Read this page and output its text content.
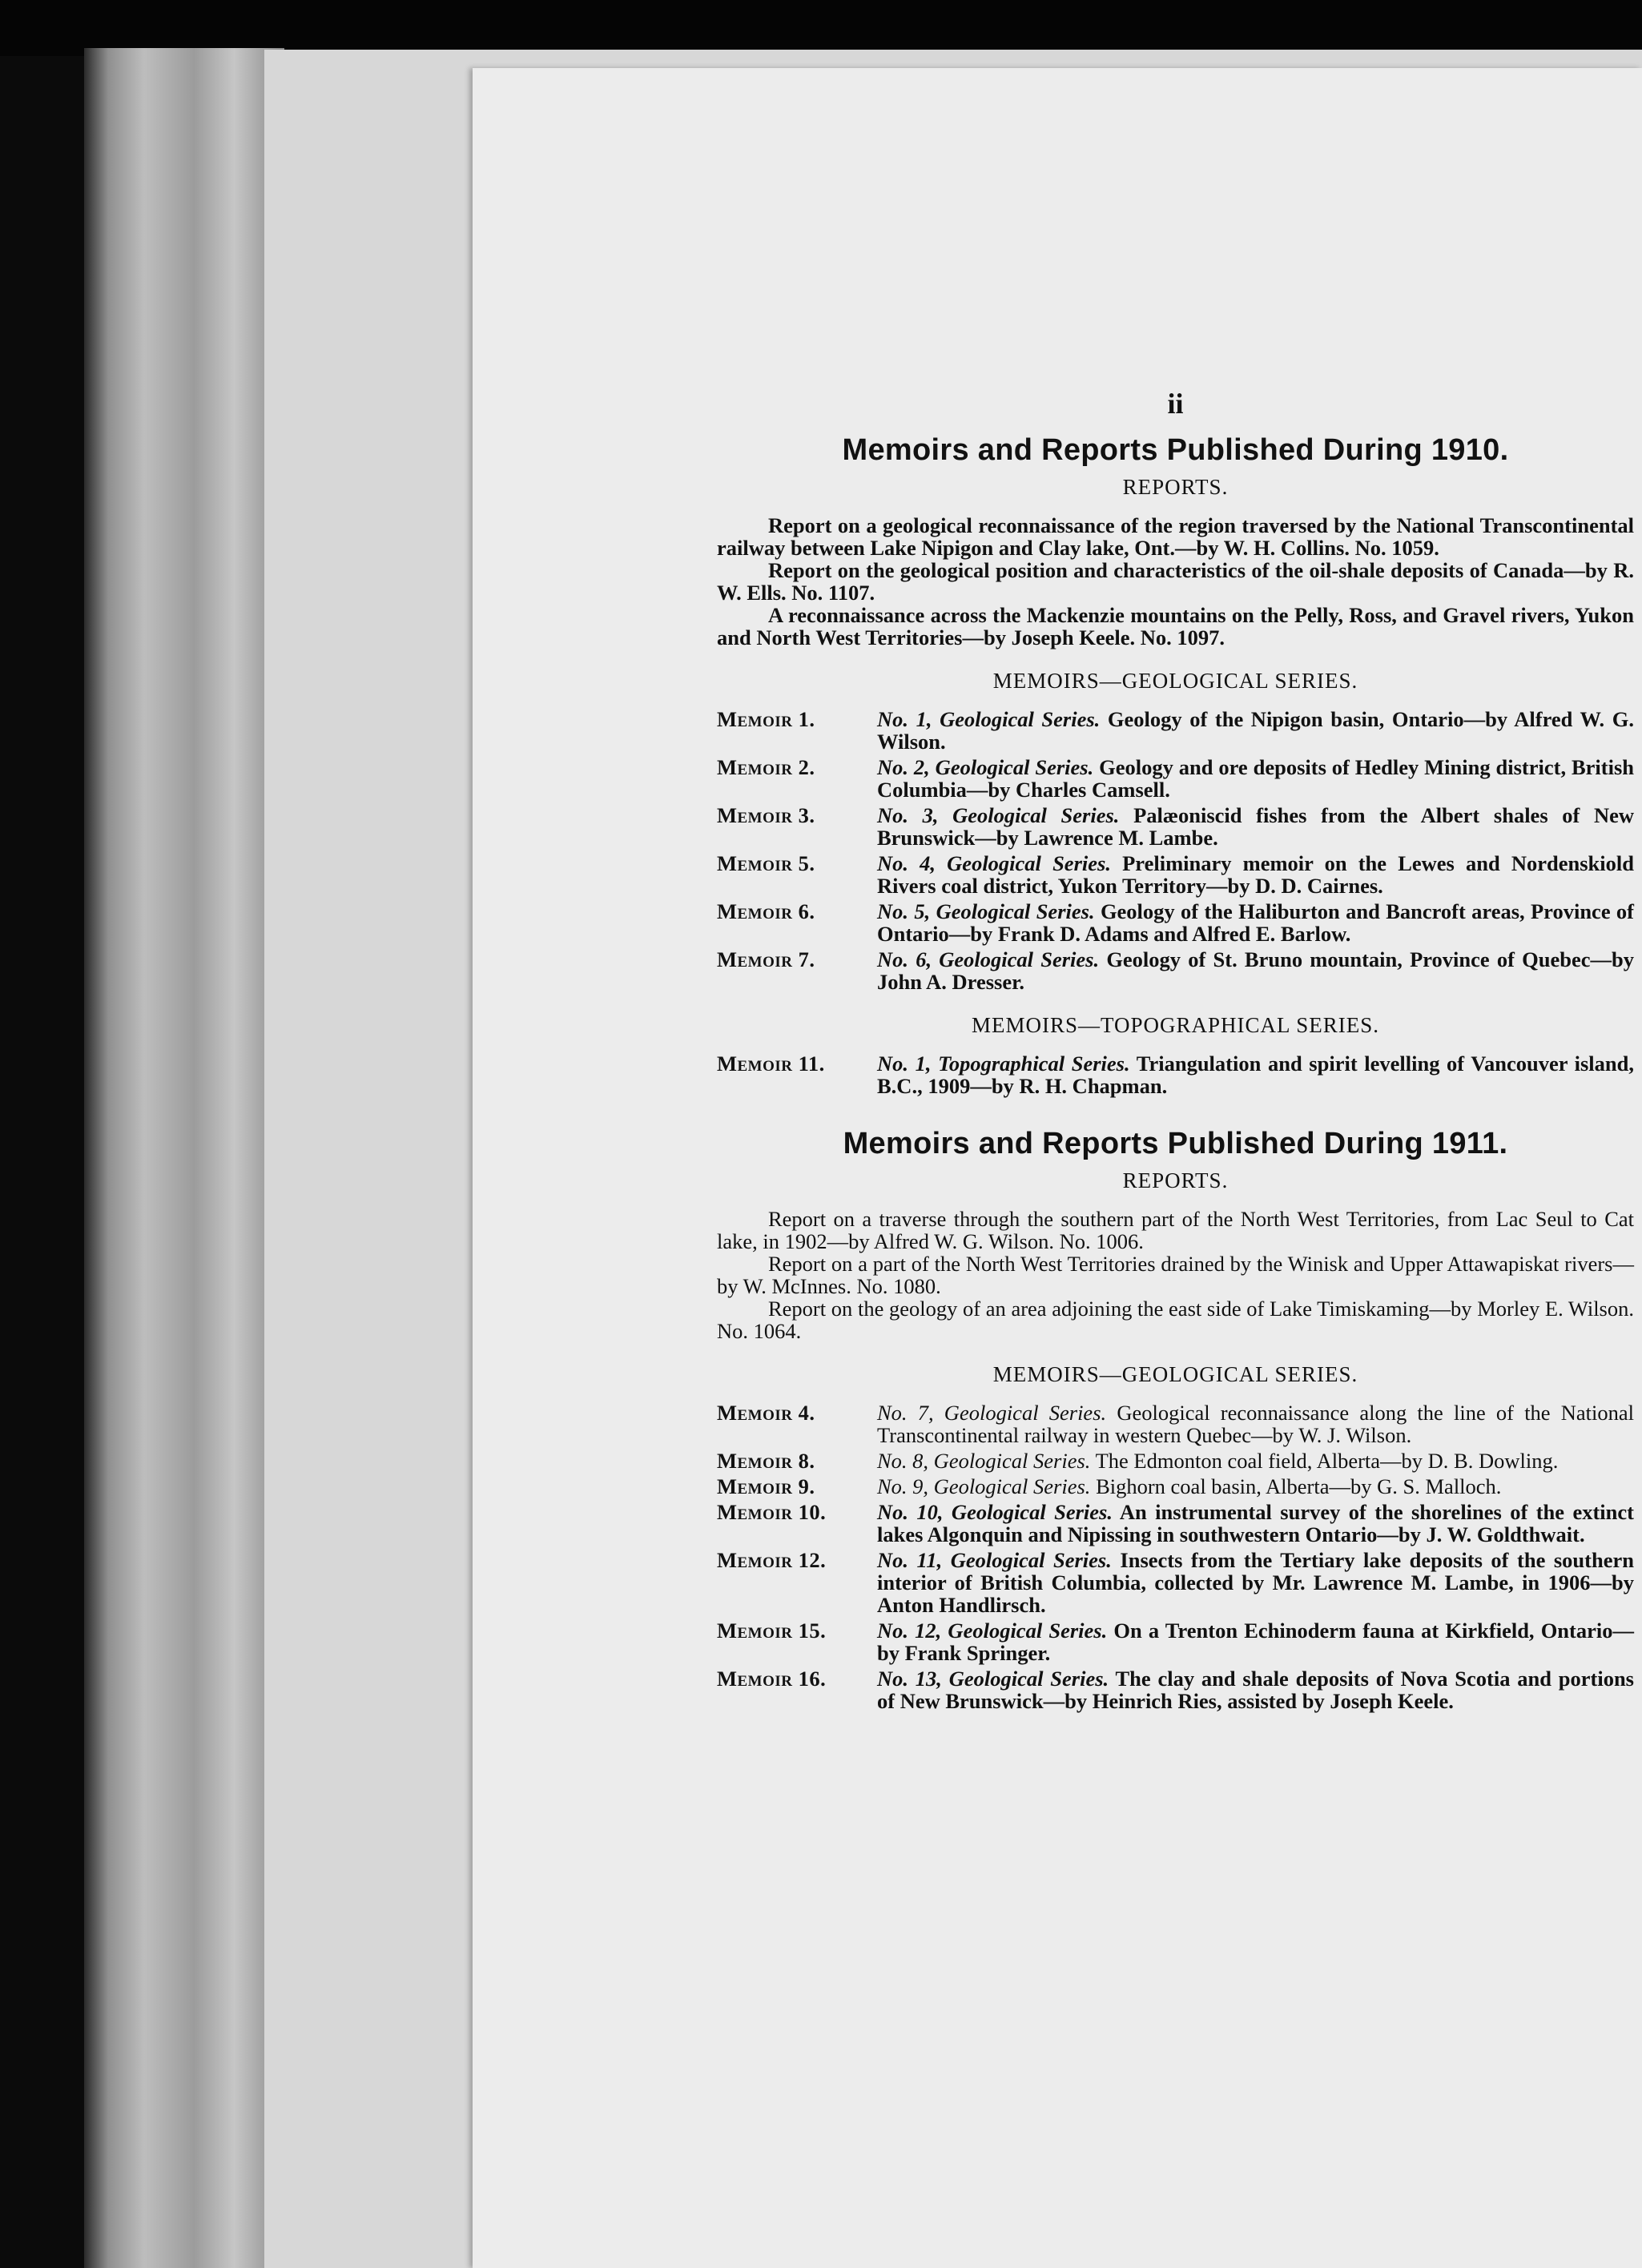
ii
Memoirs and Reports Published During 1910.
REPORTS.

Report on a geological reconnaissance of the region traversed by the National Transcontinental railway between Lake Nipigon and Clay lake, Ont.—by W. H. Collins. No. 1059.

Report on the geological position and characteristics of the oil-shale deposits of Canada—by R. W. Ells. No. 1107.

A reconnaissance across the Mackenzie mountains on the Pelly, Ross, and Gravel rivers, Yukon and North West Territories—by Joseph Keele. No. 1097.

MEMOIRS—GEOLOGICAL SERIES.
Memoir 1.	No. 1, Geological Series. Geology of the Nipigon basin, Ontario—by Alfred W. G. Wilson.
Memoir 2.	No. 2, Geological Series. Geology and ore deposits of Hedley Mining district, British Columbia—by Charles Camsell.
Memoir 3.	No. 3, Geological Series. Palæoniscid fishes from the Albert shales of New Brunswick—by Lawrence M. Lambe.
Memoir 5.	No. 4, Geological Series. Preliminary memoir on the Lewes and Nordenskiold Rivers coal district, Yukon Territory—by D. D. Cairnes.
Memoir 6.	No. 5, Geological Series. Geology of the Haliburton and Bancroft areas, Province of Ontario—by Frank D. Adams and Alfred E. Barlow.
Memoir 7.	No. 6, Geological Series. Geology of St. Bruno mountain, Province of Quebec—by John A. Dresser.
MEMOIRS—TOPOGRAPHICAL SERIES.
Memoir 11.	No. 1, Topographical Series. Triangulation and spirit levelling of Vancouver island, B.C., 1909—by R. H. Chapman.
Memoirs and Reports Published During 1911.
REPORTS.

Report on a traverse through the southern part of the North West Territories, from Lac Seul to Cat lake, in 1902—by Alfred W. G. Wilson. No. 1006.

Report on a part of the North West Territories drained by the Winisk and Upper Attawapiskat rivers—by W. McInnes. No. 1080.

Report on the geology of an area adjoining the east side of Lake Timiskaming—by Morley E. Wilson. No. 1064.

MEMOIRS—GEOLOGICAL SERIES.
Memoir 4.	No. 7, Geological Series. Geological reconnaissance along the line of the National Transcontinental railway in western Quebec—by W. J. Wilson.
Memoir 8.	No. 8, Geological Series. The Edmonton coal field, Alberta—by D. B. Dowling.
Memoir 9.	No. 9, Geological Series. Bighorn coal basin, Alberta—by G. S. Malloch.
Memoir 10.	No. 10, Geological Series. An instrumental survey of the shorelines of the extinct lakes Algonquin and Nipissing in southwestern Ontario—by J. W. Goldthwait.
Memoir 12.	No. 11, Geological Series. Insects from the Tertiary lake deposits of the southern interior of British Columbia, collected by Mr. Lawrence M. Lambe, in 1906—by Anton Handlirsch.
Memoir 15.	No. 12, Geological Series. On a Trenton Echinoderm fauna at Kirkfield, Ontario—by Frank Springer.
Memoir 16.	No. 13, Geological Series. The clay and shale deposits of Nova Scotia and portions of New Brunswick—by Heinrich Ries, assisted by Joseph Keele.
